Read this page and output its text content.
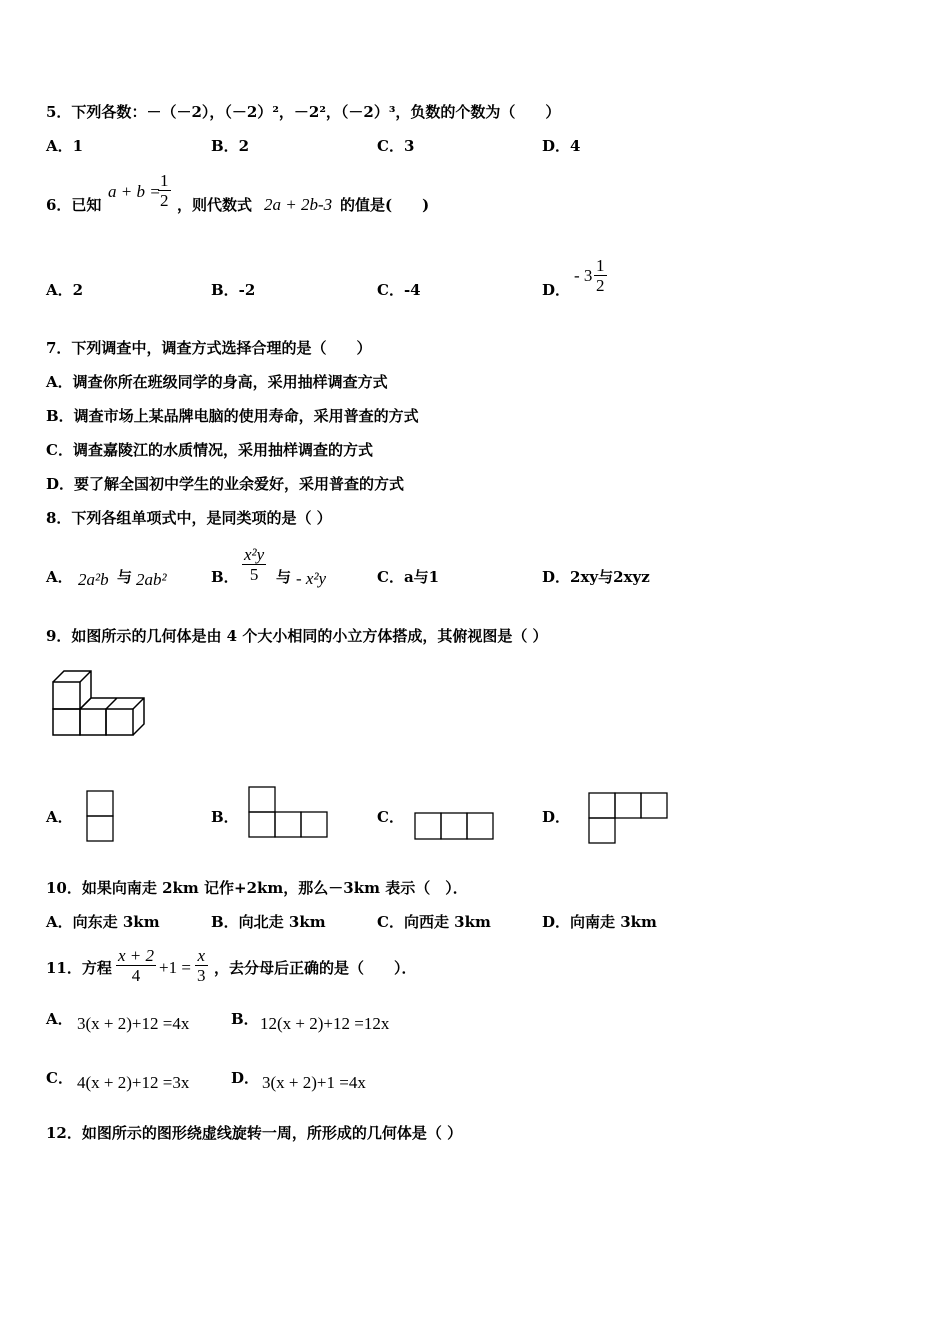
5．下列各数：－（－2），（－2）²，－2²，（－2）³，负数的个数为（　　）
A．1	B．2	C．3	D．4
6．已知
a + b =
$\frac{1}{2}$ ，则代数式 2a + 2b-3 的值是(　　)
A．2	B．-2	C．-4	D．
- $3 \frac{1}{2}$
7．下列调查中，调查方式选择合理的是（　　）
A．调查你所在班级同学的身高，采用抽样调查方式
B．调查市场上某品牌电脑的使用寿命，采用普查的方式
C．调查嘉陵江的水质情况，采用抽样调查的方式
D．要了解全国初中学生的业余爱好，采用普查的方式
8．下列各组单项式中，是同类项的是（ ）
A． 2a²b 与 2ab²	B． $\frac{\text{x²y}}{5}$ 与 - x²y	C．a与1	D．2xy与2xyz
9．如图所示的几何体是由 4 个大小相同的小立方体搭成，其俯视图是（ ）
A．	B．	C．	D．
10．如果向南走 2km 记作+2km，那么－3km 表示（　）．
A．向东走 3km	B．向北走 3km	C．向西走 3km	D．向南走 3km
11．方程 $\frac{x + 2}{4} +1 = \frac{x}{3}$ ，去分母后正确的是（　　）．
A． 3(x + 2)+12 =4x	B． 12(x + 2)+12 =12x
C． 4(x + 2)+12 =3x	D． 3(x + 2)+1 =4x
12．如图所示的图形绕虚线旋转一周，所形成的几何体是（ ）
